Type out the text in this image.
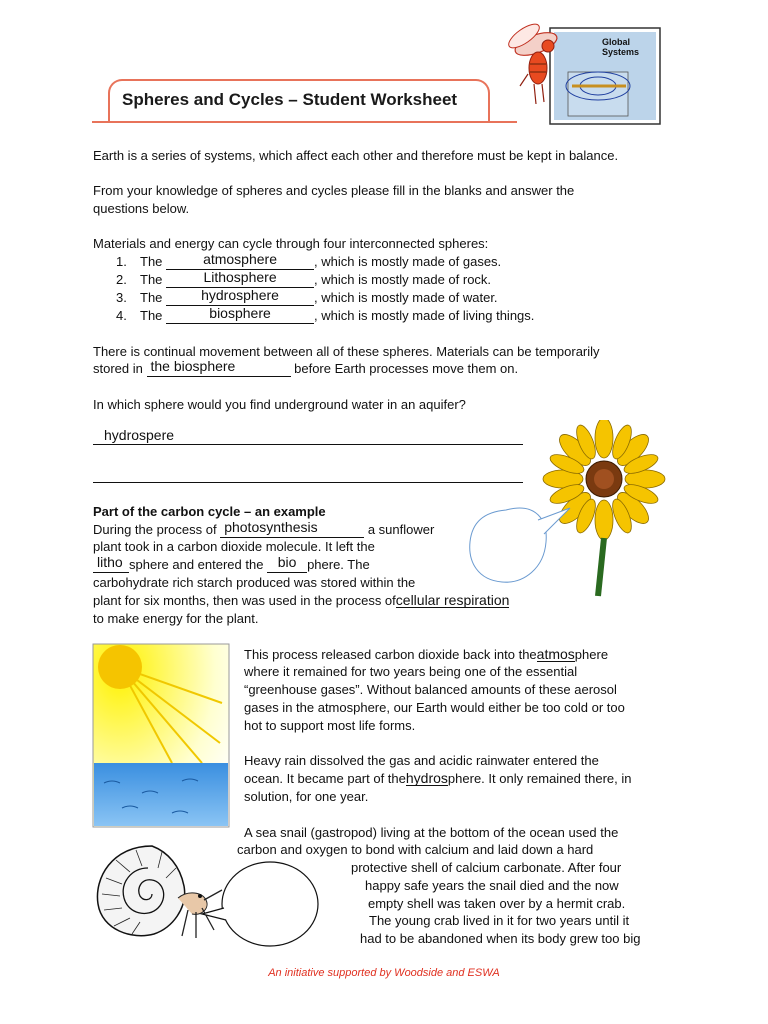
Spheres and Cycles – Student Worksheet
Global
Systems
Earth is a series of systems, which affect each other and therefore must be kept in balance.
From your knowledge of spheres and cycles please fill in the blanks and answer the
questions below.
Materials and energy can cycle through four interconnected spheres:
1. The	atmosphere	, which is mostly made of gases.
2. The	Lithosphere	, which is mostly made of rock.
3. The	hydrosphere	, which is mostly made of water.
4. The	biosphere	, which is mostly made of living things.
There is continual movement between all of these spheres. Materials can be temporarily
stored in the biosphere	before Earth processes move them on.
In which sphere would you find underground water in an aquifer?
hydrospere
Part of the carbon cycle – an example
During the process of photosynthesis	a sunflower
plant took in a carbon dioxide molecule. It left the
litho sphere and entered the	bio phere. The
carbohydrate rich starch produced was stored within the
plant for six months, then was used in the process ofcellular respiration
to make energy for the plant.
This process released carbon dioxide back into theatmosphere
where it remained for two years being one of the essential
“greenhouse gases”. Without balanced amounts of these aerosol
gases in the atmosphere, our Earth would either be too cold or too
hot to support most life forms.
Heavy rain dissolved the gas and acidic rainwater entered the
ocean. It became part of thehydrosphere. It only remained there, in
solution, for one year.
A sea snail (gastropod) living at the bottom of the ocean used the
carbon and oxygen to bond with calcium and laid down a hard
protective shell of calcium carbonate. After four
happy safe years the snail died and the now
empty shell was taken over by a hermit crab.
The young crab lived in it for two years until it
had to be abandoned when its body grew too big
An initiative supported by Woodside and ESWA
